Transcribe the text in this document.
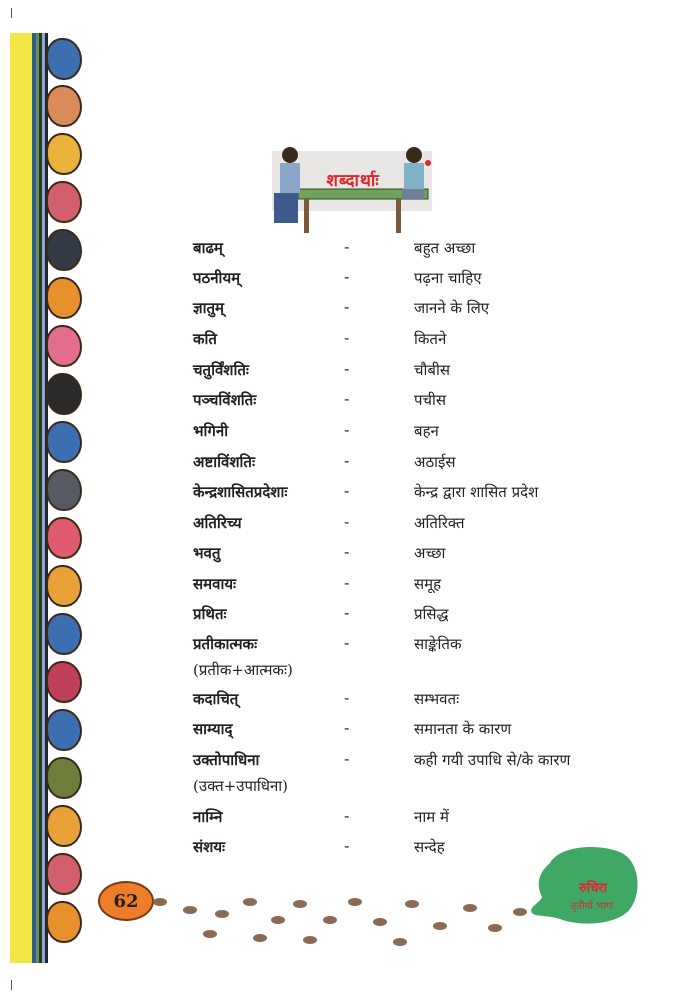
शब्दार्थाः
बाढम्	-	बहुत अच्छा
पठनीयम्	-	पढ़ना चाहिए
ज्ञातुम्	-	जानने के लिए
कति	-	कितने
चतुर्विंशतिः	-	चौबीस
पञ्चविंशतिः	-	पचीस
भगिनी	-	बहन
अष्टाविंशतिः	-	अठाईस
केन्द्रशासितप्रदेशाः	-	केन्द्र द्वारा शासित प्रदेश
अतिरिच्य	-	अतिरिक्त
भवतु	-	अच्छा
समवायः	-	समूह
प्रथितः	-	प्रसिद्ध
प्रतीकात्मकः	-	साङ्केतिक
(प्रतीक+आत्मकः)
कदाचित्	-	सम्भवतः
साम्याद्	-	समानता के कारण
उक्तोपाधिना	-	कही गयी उपाधि से/के कारण
(उक्त+उपाधिना)
नाम्नि	-	नाम में
संशयः	-	सन्देह
62
रुचिरा
तृतीयो भागः
